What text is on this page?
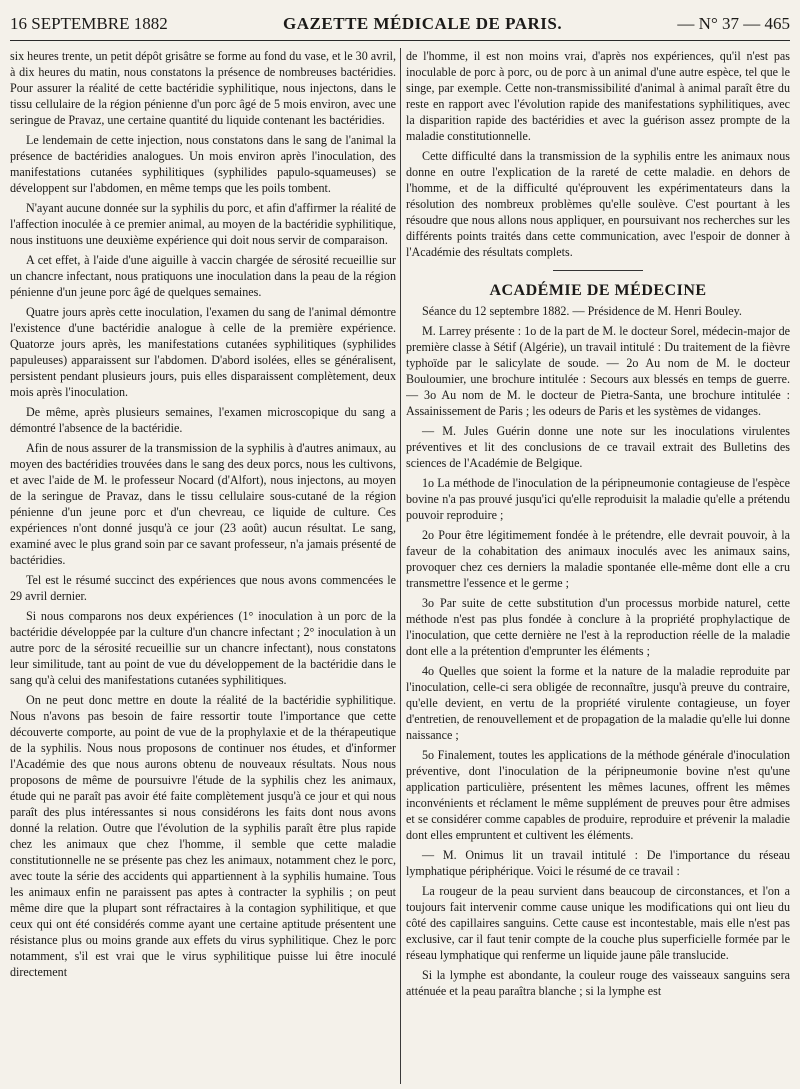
16 SEPTEMBRE 1882	GAZETTE MÉDICALE DE PARIS.	— N° 37 — 465

six heures trente, un petit dépôt grisâtre se forme au fond du vase, et le 30 avril, à dix heures du matin, nous constatons la présence de nombreuses bactéridies. Pour assurer la réalité de cette bactéridie syphilitique, nous injectons, dans le tissu cellulaire de la région pénienne d'un porc âgé de 5 mois environ, avec une seringue de Pravaz, une certaine quantité du liquide contenant les bactéridies.

Le lendemain de cette injection, nous constatons dans le sang de l'animal la présence de bactéridies analogues. Un mois environ après l'inoculation, des manifestations cutanées syphilitiques (syphilides papulo-squameuses) se développent sur l'abdomen, en même temps que les poils tombent.

N'ayant aucune donnée sur la syphilis du porc, et afin d'affirmer la réalité de l'affection inoculée à ce premier animal, au moyen de la bactéridie syphilitique, nous instituons une deuxième expérience qui doit nous servir de comparaison.

A cet effet, à l'aide d'une aiguille à vaccin chargée de sérosité recueillie sur un chancre infectant, nous pratiquons une inoculation dans la peau de la région pénienne d'un jeune porc âgé de quelques semaines.

Quatre jours après cette inoculation, l'examen du sang de l'animal démontre l'existence d'une bactéridie analogue à celle de la première expérience. Quatorze jours après, les manifestations cutanées syphilitiques (syphilides papuleuses) apparaissent sur l'abdomen. D'abord isolées, elles se généralisent, persistent pendant plusieurs jours, puis elles disparaissent complètement, deux mois après l'inoculation.

De même, après plusieurs semaines, l'examen microscopique du sang a démontré l'absence de la bactéridie.

Afin de nous assurer de la transmission de la syphilis à d'autres animaux, au moyen des bactéridies trouvées dans le sang des deux porcs, nous les cultivons, et avec l'aide de M. le professeur Nocard (d'Alfort), nous injectons, au moyen de la seringue de Pravaz, dans le tissu cellulaire sous-cutané de la région pénienne d'un jeune porc et d'un chevreau, ce liquide de culture. Ces expériences n'ont donné jusqu'à ce jour (23 août) aucun résultat. Le sang, examiné avec le plus grand soin par ce savant professeur, n'a jamais présenté de bactéridies.

Tel est le résumé succinct des expériences que nous avons commencées le 29 avril dernier.

Si nous comparons nos deux expériences (1° inoculation à un porc de la bactéridie développée par la culture d'un chancre infectant ; 2° inoculation à un autre porc de la sérosité recueillie sur un chancre infectant), nous constatons leur similitude, tant au point de vue du développement de la bactéridie dans le sang qu'à celui des manifestations cutanées syphilitiques.

On ne peut donc mettre en doute la réalité de la bactéridie syphilitique. Nous n'avons pas besoin de faire ressortir toute l'importance que cette découverte comporte, au point de vue de la prophylaxie et de la thérapeutique de la syphilis. Nous nous proposons de continuer nos études, et d'informer l'Académie des que nous aurons obtenu de nouveaux résultats. Nous nous proposons de même de poursuivre l'étude de la syphilis chez les animaux, étude qui ne paraît pas avoir été faite complètement jusqu'à ce jour et qui nous paraît des plus intéressantes si nous considérons les faits dont nous avons donné la relation. Outre que l'évolution de la syphilis paraît être plus rapide chez les animaux que chez l'homme, il semble que cette maladie constitutionnelle ne se présente pas chez les animaux, notamment chez le porc, avec toute la série des accidents qui appartiennent à la syphilis humaine. Tous les animaux enfin ne paraissent pas aptes à contracter la syphilis ; on peut même dire que la plupart sont réfractaires à la contagion syphilitique, et que ceux qui ont été considérés comme ayant une certaine aptitude présentent une résistance plus ou moins grande aux effets du virus syphilitique. Chez le porc notamment, s'il est vrai que le virus syphilitique puisse lui être inoculé directement

de l'homme, il est non moins vrai, d'après nos expériences, qu'il n'est pas inoculable de porc à porc, ou de porc à un animal d'une autre espèce, tel que le singe, par exemple. Cette non-transmissibilité d'animal à animal paraît être du reste en rapport avec l'évolution rapide des manifestations syphilitiques, avec la disparition rapide des bactéridies et avec la guérison assez prompte de la maladie constitutionnelle.

Cette difficulté dans la transmission de la syphilis entre les animaux nous donne en outre l'explication de la rareté de cette maladie. en dehors de l'homme, et de la difficulté qu'éprouvent les expérimentateurs dans la résolution des nombreux problèmes qu'elle soulève. C'est pourtant à les résoudre que nous allons nous appliquer, en poursuivant nos recherches sur les différents points traités dans cette communication, avec l'espoir de donner à l'Académie des résultats complets.

ACADÉMIE DE MÉDECINE

Séance du 12 septembre 1882. — Présidence de M. Henri Bouley.

M. Larrey présente : 1o de la part de M. le docteur Sorel, médecin-major de première classe à Sétif (Algérie), un travail intitulé : Du traitement de la fièvre typhoïde par le salicylate de soude. — 2o Au nom de M. le docteur Bouloumier, une brochure intitulée : Secours aux blessés en temps de guerre. — 3o Au nom de M. le docteur de Pietra-Santa, une brochure intitulée : Assainissement de Paris ; les odeurs de Paris et les systèmes de vidanges.

— M. Jules Guérin donne une note sur les inoculations virulentes préventives et lit des conclusions de ce travail extrait des Bulletins des sciences de l'Académie de Belgique.

1o La méthode de l'inoculation de la péripneumonie contagieuse de l'espèce bovine n'a pas prouvé jusqu'ici qu'elle reproduisit la maladie qu'elle a prétendu pouvoir reproduire ;

2o Pour être légitimement fondée à le prétendre, elle devrait pouvoir, à la faveur de la cohabitation des animaux inoculés avec les animaux sains, provoquer chez ces derniers la maladie spontanée elle-même dont elle a cru transmettre l'essence et le germe ;

3o Par suite de cette substitution d'un processus morbide naturel, cette méthode n'est pas plus fondée à conclure à la propriété prophylactique de l'inoculation, que cette dernière ne l'est à la reproduction réelle de la maladie dont elle a la prétention d'emprunter les éléments ;

4o Quelles que soient la forme et la nature de la maladie reproduite par l'inoculation, celle-ci sera obligée de reconnaître, jusqu'à preuve du contraire, qu'elle devient, en vertu de la propriété virulente contagieuse, un foyer d'entretien, de renouvellement et de propagation de la maladie qu'elle lui donne naissance ;

5o Finalement, toutes les applications de la méthode générale d'inoculation préventive, dont l'inoculation de la péripneumonie bovine n'est qu'une application particulière, présentent les mêmes lacunes, offrent les mêmes inconvénients et réclament le même supplément de preuves pour être admises et se considérer comme capables de produire, reproduire et prévenir la maladie dont elles empruntent et cultivent les éléments.

— M. Onimus lit un travail intitulé : De l'importance du réseau lymphatique périphérique. Voici le résumé de ce travail :

La rougeur de la peau survient dans beaucoup de circonstances, et l'on a toujours fait intervenir comme cause unique les modifications qui ont lieu du côté des capillaires sanguins. Cette cause est incontestable, mais elle n'est pas exclusive, car il faut tenir compte de la couche plus superficielle formée par le réseau lymphatique qui renferme un liquide jaune pâle translucide.

Si la lymphe est abondante, la couleur rouge des vaisseaux sanguins sera atténuée et la peau paraîtra blanche ; si la lymphe est
